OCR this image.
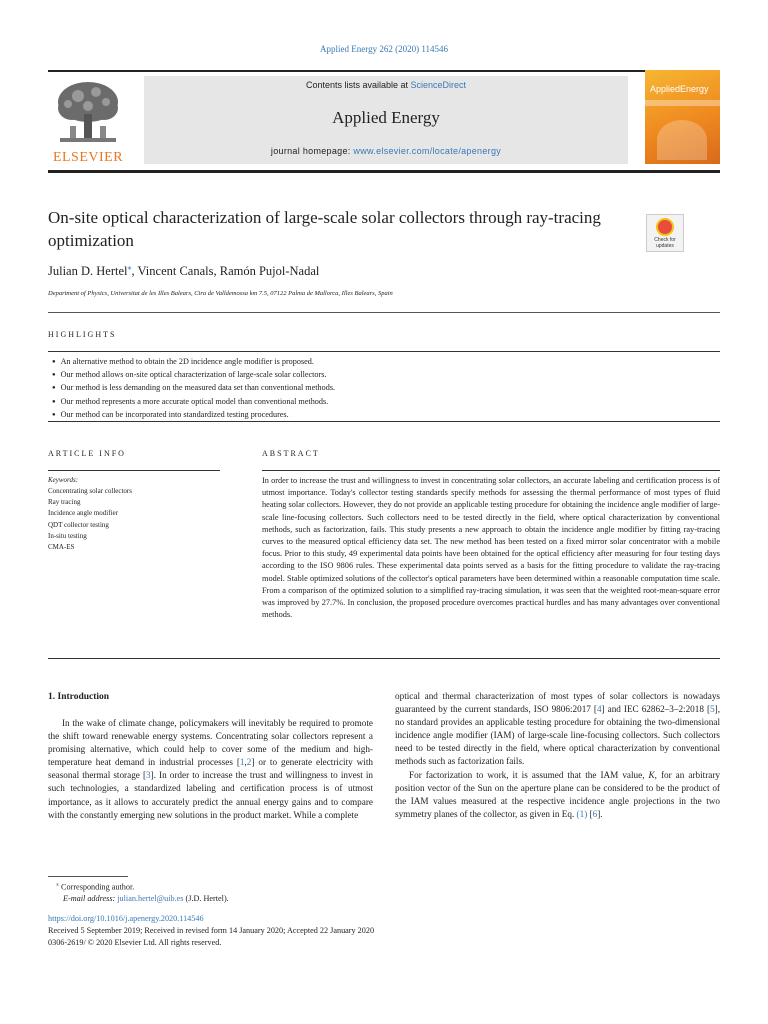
Applied Energy 262 (2020) 114546
ELSEVIER
Contents lists available at ScienceDirect
Applied Energy
journal homepage: www.elsevier.com/locate/apenergy
AppliedEnergy
On-site optical characterization of large-scale solar collectors through ray-tracing optimization	Check for updates
Julian D. Hertel⁎, Vincent Canals, Ramón Pujol-Nadal
Department of Physics, Universitat de les Illes Balears, Ctra de Valldemossa km 7.5, 07122 Palma de Mallorca, Illes Balears, Spain
HIGHLIGHTS
● An alternative method to obtain the 2D incidence angle modifier is proposed.
● Our method allows on-site optical characterization of large-scale solar collectors.
● Our method is less demanding on the measured data set than conventional methods.
● Our method represents a more accurate optical model than conventional methods.
● Our method can be incorporated into standardized testing procedures.
ARTICLE INFO
Keywords:
Concentrating solar collectors
Ray tracing
Incidence angle modifier
QDT collector testing
In-situ testing
CMA-ES
ABSTRACT
In order to increase the trust and willingness to invest in concentrating solar collectors, an accurate labeling and certification process is of utmost importance. Today's collector testing standards specify methods for assessing the thermal performance of most types of fluid heating solar collectors. However, they do not provide an applicable testing procedure for obtaining the incidence angle modifier of large-scale line-focusing collectors. Such collectors need to be tested directly in the field, where optical characterization by conventional methods, such as factorization, fails. This study presents a new approach to obtain the incidence angle modifier by fitting ray-tracing curves to the measured optical efficiency data set. The new method has been tested on a fixed mirror solar concentrator with a mobile focus. Prior to this study, 49 experimental data points have been obtained for the optical efficiency after measuring for four testing days according to the ISO 9806 rules. These experimental data points served as a basis for the fitting procedure to validate the ray-tracing model. Stable optimized solutions of the collector's optical parameters have been determined within a reasonable computation time scale. From a comparison of the optimized solution to a simplified ray-tracing simulation, it was seen that the weighted root-mean-square error was improved by 27.7%. In conclusion, the proposed procedure overcomes practical hurdles and has many advantages over conventional methods.
1. Introduction

In the wake of climate change, policymakers will inevitably be required to promote the shift toward renewable energy systems. Concentrating solar collectors represent a promising alternative, which could help to cover some of the medium and high-temperature heat demand in industrial processes [1,2] or to generate electricity with seasonal thermal storage [3]. In order to increase the trust and willingness to invest in such technologies, a standardized labeling and certification process is of utmost importance, as it allows to accurately predict the annual energy gains and to compare with the constantly emerging new solutions in the product market. While a complete

optical and thermal characterization of most types of solar collectors is nowadays guaranteed by the current standards, ISO 9806:2017 [4] and IEC 62862–3–2:2018 [5], no standard provides an applicable testing procedure for obtaining the two-dimensional incidence angle modifier (IAM) of large-scale line-focusing collectors. Such collectors need to be tested directly in the field, where optical characterization by conventional methods such as factorization fails.

For factorization to work, it is assumed that the IAM value, K, for an arbitrary position vector of the Sun on the aperture plane can be considered to be the product of the IAM values measured at the respective incidence angle projections in the two symmetry planes of the collector, as given in Eq. (1) [6].

⁎ Corresponding author.
E-mail address: julian.hertel@uib.es (J.D. Hertel).
https://doi.org/10.1016/j.apenergy.2020.114546
Received 5 September 2019; Received in revised form 14 January 2020; Accepted 22 January 2020
0306-2619/ © 2020 Elsevier Ltd. All rights reserved.
